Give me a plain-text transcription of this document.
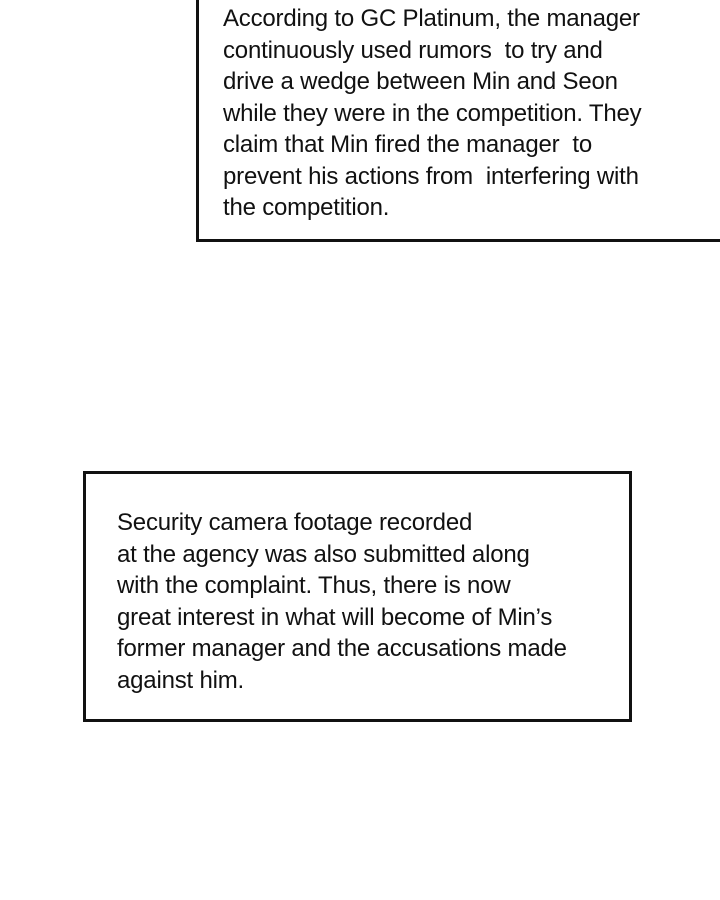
According to GC Platinum, the manager
continuously used rumors  to try and
drive a wedge between Min and Seon
while they were in the competition. They
claim that Min fired the manager  to
prevent his actions from  interfering with
the competition.

Security camera footage recorded
at the agency was also submitted along
with the complaint. Thus, there is now
great interest in what will become of Min’s
former manager and the accusations made
against him.
